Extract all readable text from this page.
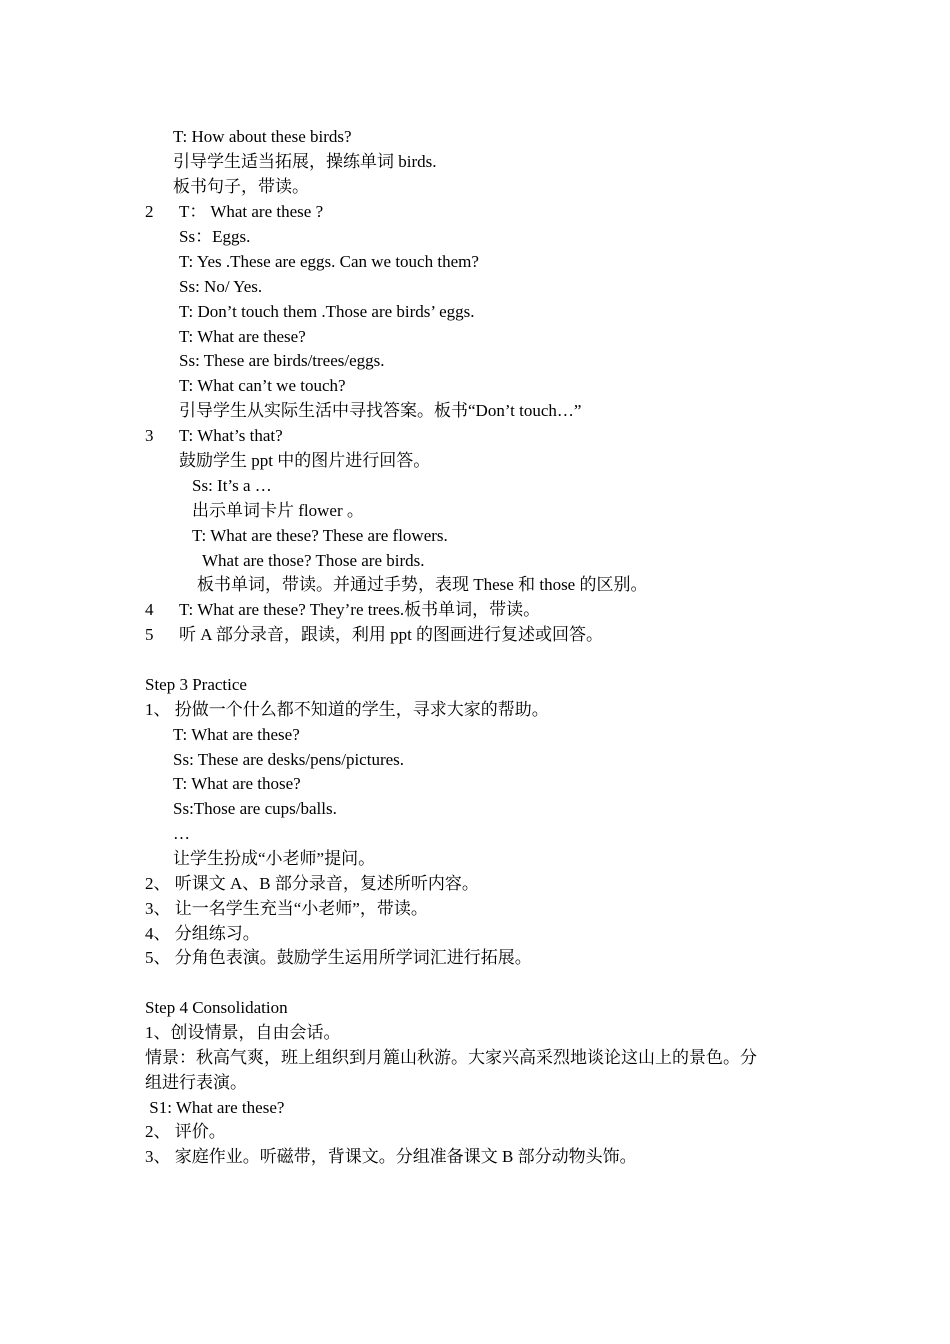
T: How about these birds?
引导学生适当拓展，操练单词 birds.
板书句子，带读。
2 T： What are these ?
Ss：Eggs.
T: Yes .These are eggs. Can we touch them?
Ss: No/ Yes.
T: Don’t touch them .Those are birds’ eggs.
T: What are these?
Ss: These are birds/trees/eggs.
T: What can’t we touch?
引导学生从实际生活中寻找答案。板书“Don’t touch…”
3 T: What’s that?
鼓励学生 ppt 中的图片进行回答。
Ss: It’s a …
出示单词卡片 flower 。
T: What are these? These are flowers.
What are those? Those are birds.
板书单词，带读。并通过手势，表现 These 和 those 的区别。
4 T: What are these? They’re trees.板书单词，带读。
5 听 A 部分录音，跟读，利用 ppt 的图画进行复述或回答。
Step 3 Practice
1、 扮做一个什么都不知道的学生，寻求大家的帮助。
T: What are these?
Ss: These are desks/pens/pictures.
T: What are those?
Ss:Those are cups/balls.
…
让学生扮成“小老师”提问。
2、 听课文 A、B 部分录音，复述所听内容。
3、 让一名学生充当“小老师”，带读。
4、 分组练习。
5、 分角色表演。鼓励学生运用所学词汇进行拓展。
Step 4 Consolidation
1、创设情景，自由会话。
情景：秋高气爽，班上组织到月簏山秋游。大家兴高采烈地谈论这山上的景色。分
组进行表演。
S1: What are these?
2、 评价。
3、 家庭作业。听磁带，背课文。分组准备课文 B 部分动物头饰。
